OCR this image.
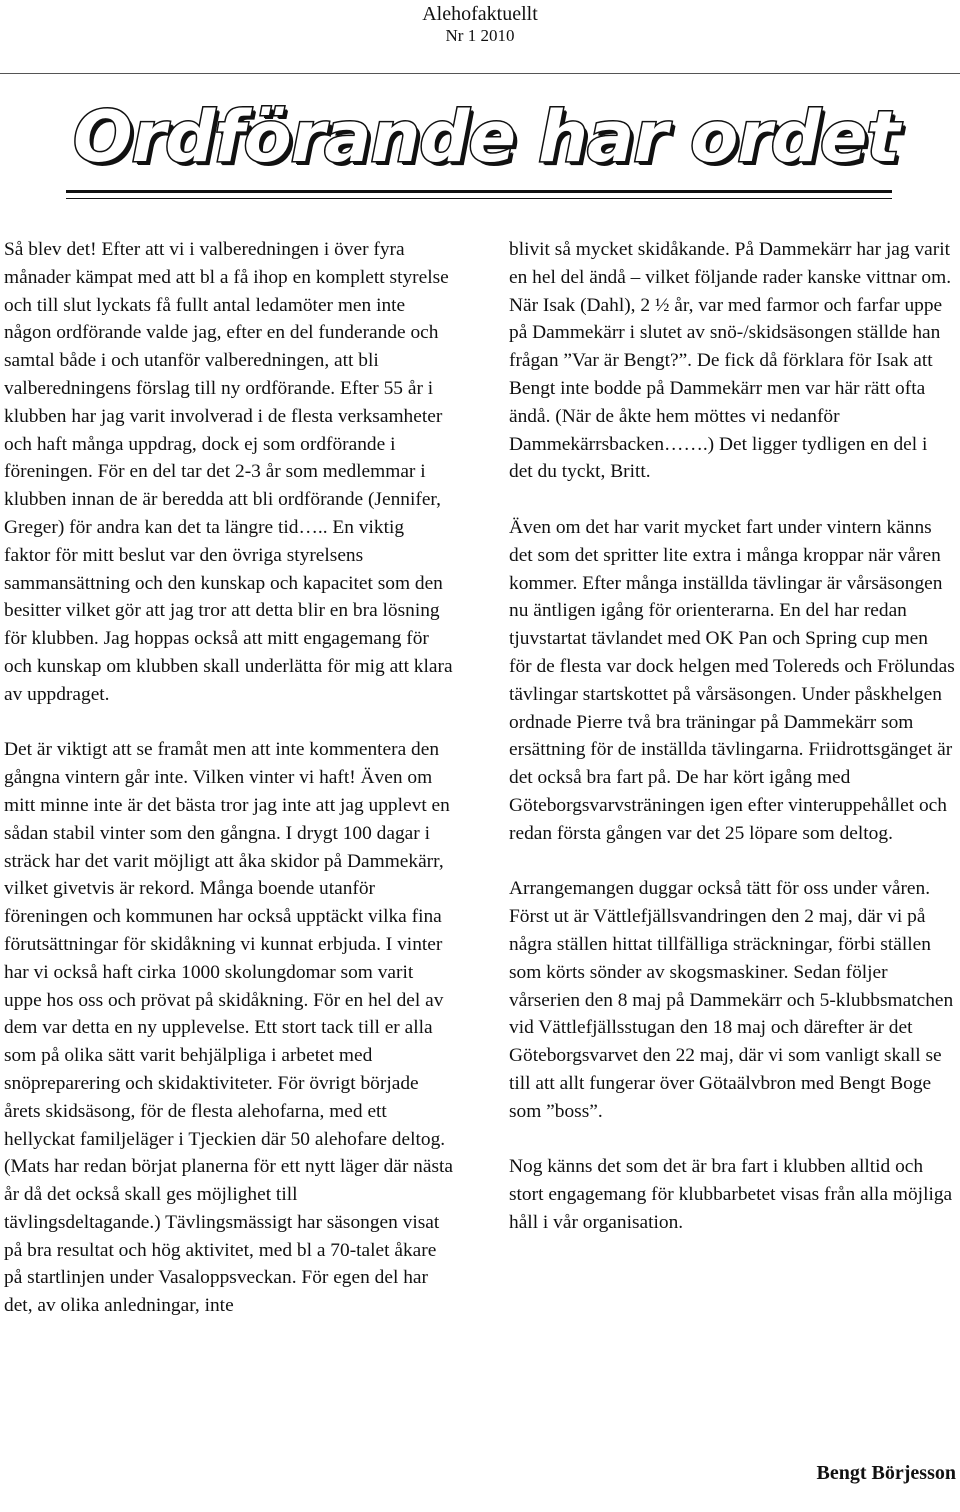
Alehofaktuellt
Nr 1 2010
Ordförande har ordet

Så blev det! Efter att vi i valberedningen i över fyra månader kämpat med att bl a få ihop en komplett styrelse och till slut lyckats få fullt antal ledamöter men inte någon ordförande valde jag, efter en del funderande och samtal både i och utanför valberedningen, att bli valberedningens förslag till ny ordförande. Efter 55 år i klubben har jag varit involverad i de flesta verksamheter och haft många uppdrag, dock ej som ordförande i föreningen. För en del tar det 2-3 år som medlemmar i klubben innan de är beredda att bli ordförande (Jennifer, Greger) för andra kan det ta längre tid….. En viktig faktor för mitt beslut var den övriga styrelsens sammansättning och den kunskap och kapacitet som den besitter vilket gör att jag tror att detta blir en bra lösning för klubben. Jag hoppas också att mitt engagemang för och kunskap om klubben skall underlätta för mig att klara av uppdraget.

Det är viktigt att se framåt men att inte kommentera den gångna vintern går inte. Vilken vinter vi haft! Även om mitt minne inte är det bästa tror jag inte att jag upplevt en sådan stabil vinter som den gångna. I drygt 100 dagar i sträck har det varit möjligt att åka skidor på Dammekärr, vilket givetvis är rekord. Många boende utanför föreningen och kommunen har också upptäckt vilka fina förutsättningar för skidåkning vi kunnat erbjuda. I vinter har vi också haft cirka 1000 skolungdomar som varit uppe hos oss och prövat på skidåkning. För en hel del av dem var detta en ny upplevelse. Ett stort tack till er alla som på olika sätt varit behjälpliga i arbetet med snöpreparering och skidaktiviteter. För övrigt började årets skidsäsong, för de flesta alehofarna, med ett hellyckat familjeläger i Tjeckien där 50 alehofare deltog. (Mats har redan börjat planerna för ett nytt läger där nästa år då det också skall ges möjlighet till tävlingsdeltagande.) Tävlingsmässigt har säsongen visat på bra resultat och hög aktivitet, med bl a 70-talet åkare på startlinjen under Vasaloppsveckan. För egen del har det, av olika anledningar, inte

blivit så mycket skidåkande. På Dammekärr har jag varit en hel del ändå – vilket följande rader kanske vittnar om. När Isak (Dahl), 2 ½ år, var med farmor och farfar uppe på Dammekärr i slutet av snö-/skidsäsongen ställde han frågan ”Var är Bengt?”. De fick då förklara för Isak att Bengt inte bodde på Dammekärr men var här rätt ofta ändå. (När de åkte hem möttes vi nedanför Dammekärrsbacken…….) Det ligger tydligen en del i det du tyckt, Britt.

Även om det har varit mycket fart under vintern känns det som det spritter lite extra i många kroppar när våren kommer. Efter många inställda tävlingar är vårsäsongen nu äntligen igång för orienterarna. En del har redan tjuvstartat tävlandet med OK Pan och Spring cup men för de flesta var dock helgen med Tolereds och Frölundas tävlingar startskottet på vårsäsongen. Under påskhelgen ordnade Pierre två bra träningar på Dammekärr som ersättning för de inställda tävlingarna. Friidrottsgänget är det också bra fart på. De har kört igång med Göteborgsvarvsträningen igen efter vinteruppehållet och redan första gången var det 25 löpare som deltog.

Arrangemangen duggar också tätt för oss under våren. Först ut är Vättlefjällsvandringen den 2 maj, där vi på några ställen hittat tillfälliga sträckningar, förbi ställen som körts sönder av skogsmaskiner. Sedan följer vårserien den 8 maj på Dammekärr och 5-klubbsmatchen vid Vättlefjällsstugan den 18 maj och därefter är det Göteborgsvarvet den 22 maj, där vi som vanligt skall se till att allt fungerar över Götaälvbron med Bengt Boge som ”boss”.

Nog känns det som det är bra fart i klubben alltid och stort engagemang för klubbarbetet visas från alla möjliga håll i vår organisation.

Bengt Börjesson
